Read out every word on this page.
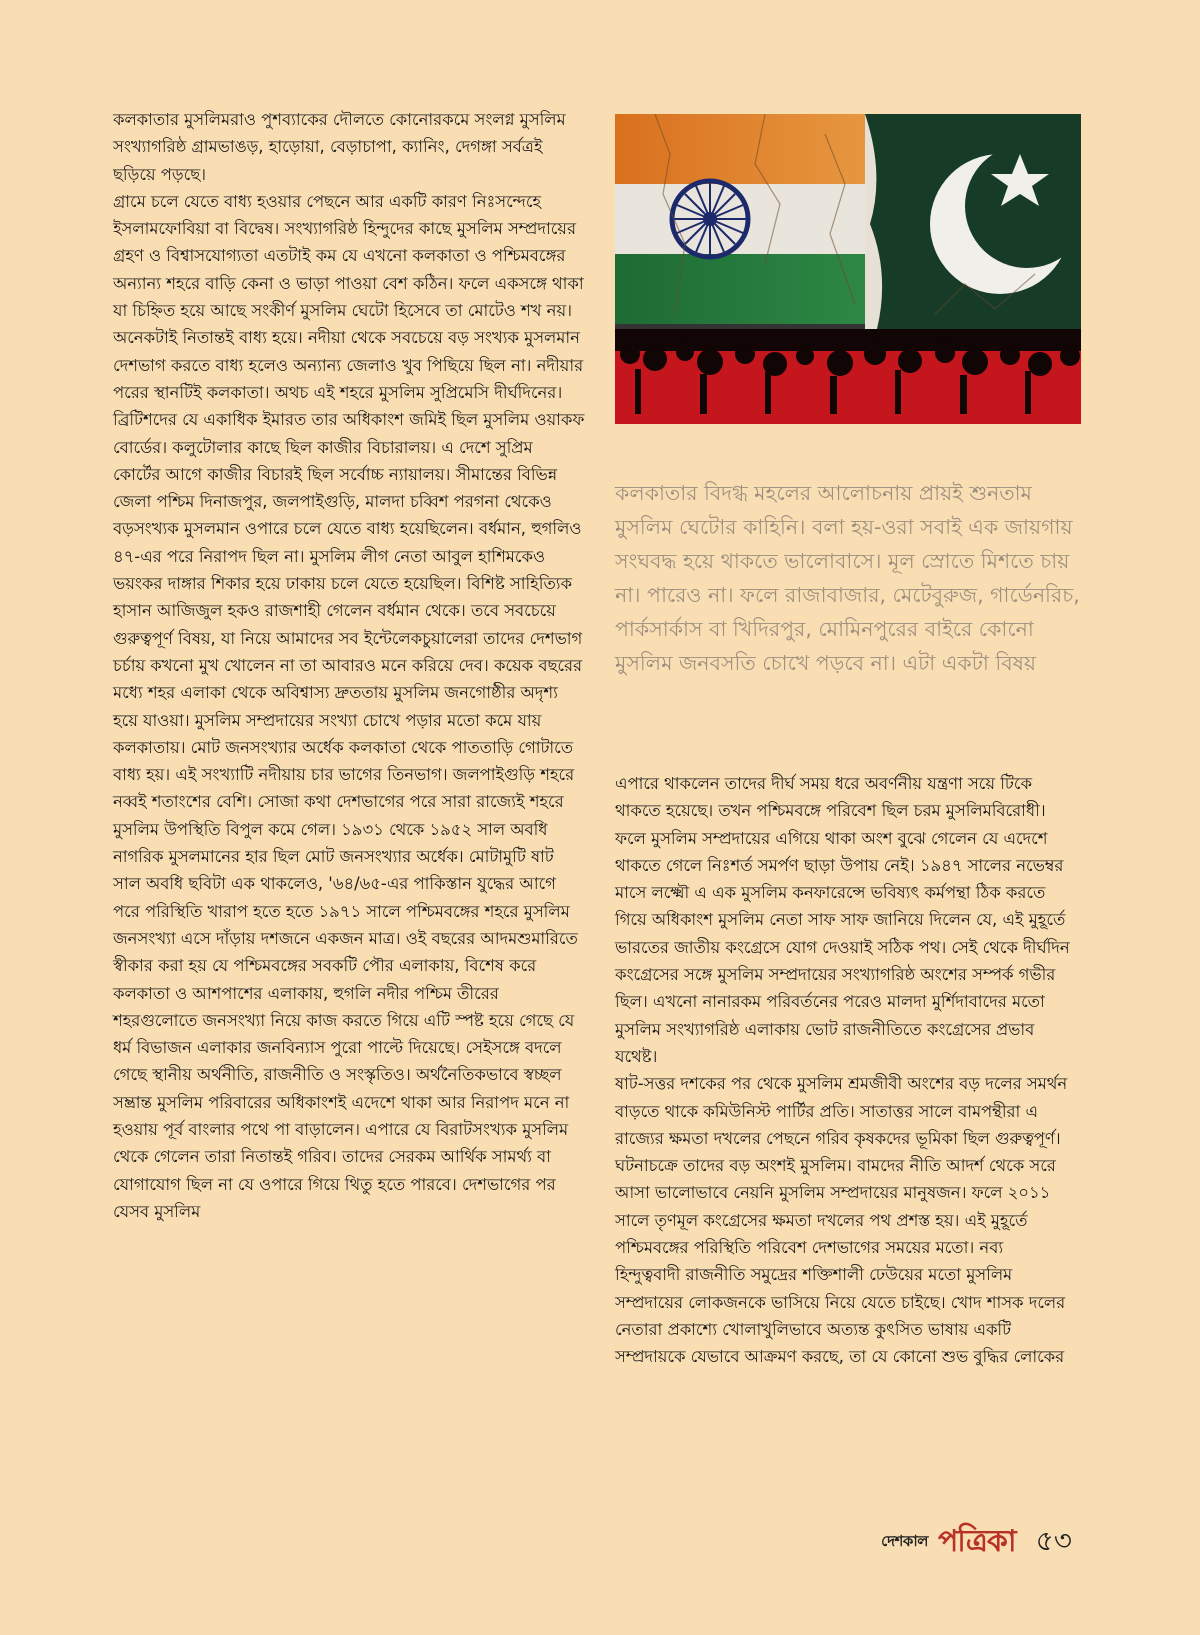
কলকাতার মুসলিমরাও পুশব্যাকের দৌলতে কোনোরকমে সংলগ্ন মুসলিম সংখ্যাগরিষ্ঠ গ্রামভাঙড়, হাড়োয়া, বেড়াচাপা, ক্যানিং, দেগঙ্গা সর্বত্রই ছড়িয়ে পড়ছে।

গ্রামে চলে যেতে বাধ্য হওয়ার পেছনে আর একটি কারণ নিঃসন্দেহে ইসলামফোবিয়া বা বিদ্বেষ। সংখ্যাগরিষ্ঠ হিন্দুদের কাছে মুসলিম সম্প্রদায়ের গ্রহণ ও বিশ্বাসযোগ্যতা এতটাই কম যে এখনো কলকাতা ও পশ্চিমবঙ্গের অন্যান্য শহরে বাড়ি কেনা ও ভাড়া পাওয়া বেশ কঠিন। ফলে একসঙ্গে থাকা যা চিহ্নিত হয়ে আছে সংকীর্ণ মুসলিম ঘেটো হিসেবে তা মোটেও শখ নয়। অনেকটাই নিতান্তই বাধ্য হয়ে। নদীয়া থেকে সবচেয়ে বড় সংখ্যক মুসলমান দেশভাগ করতে বাধ্য হলেও অন্যান্য জেলাও খুব পিছিয়ে ছিল না। নদীয়ার পরের স্থানটিই কলকাতা। অথচ এই শহরে মুসলিম সুপ্রিমেসি দীর্ঘদিনের। ব্রিটিশদের যে একাধিক ইমারত তার অধিকাংশ জমিই ছিল মুসলিম ওয়াকফ বোর্ডের। কলুটোলার কাছে ছিল কাজীর বিচারালয়। এ দেশে সুপ্রিম কোর্টের আগে কাজীর বিচারই ছিল সর্বোচ্চ ন্যায়ালয়। সীমান্তের বিভিন্ন জেলা পশ্চিম দিনাজপুর, জলপাইগুড়ি, মালদা চব্বিশ পরগনা থেকেও বড়সংখ্যক মুসলমান ওপারে চলে যেতে বাধ্য হয়েছিলেন। বর্ধমান, হুগলিও ৪৭-এর পরে নিরাপদ ছিল না। মুসলিম লীগ নেতা আবুল হাশিমকেও ভয়ংকর দাঙ্গার শিকার হয়ে ঢাকায় চলে যেতে হয়েছিল। বিশিষ্ট সাহিত্যিক হাসান আজিজুল হকও রাজশাহী গেলেন বর্ধমান থেকে। তবে সবচেয়ে গুরুত্বপূর্ণ বিষয়, যা নিয়ে আমাদের সব ইন্টেলেকচুয়ালেরা তাদের দেশভাগ চর্চায় কখনো মুখ খোলেন না তা আবারও মনে করিয়ে দেব। কয়েক বছরের মধ্যে শহর এলাকা থেকে অবিশ্বাস্য দ্রুততায় মুসলিম জনগোষ্ঠীর অদৃশ্য হয়ে যাওয়া। মুসলিম সম্প্রদায়ের সংখ্যা চোখে পড়ার মতো কমে যায় কলকাতায়। মোট জনসংখ্যার অর্ধেক কলকাতা থেকে পাততাড়ি গোটাতে বাধ্য হয়। এই সংখ্যাটি নদীয়ায় চার ভাগের তিনভাগ। জলপাইগুড়ি শহরে নব্বই শতাংশের বেশি। সোজা কথা দেশভাগের পরে সারা রাজ্যেই শহরে মুসলিম উপস্থিতি বিপুল কমে গেল। ১৯৩১ থেকে ১৯৫২ সাল অবধি নাগরিক মুসলমানের হার ছিল মোট জনসংখ্যার অর্ধেক। মোটামুটি ষাট সাল অবধি ছবিটা এক থাকলেও, '৬৪/৬৫-এর পাকিস্তান যুদ্ধের আগে পরে পরিস্থিতি খারাপ হতে হতে ১৯৭১ সালে পশ্চিমবঙ্গের শহরে মুসলিম জনসংখ্যা এসে দাঁড়ায় দশজনে একজন মাত্র। ওই বছরের আদমশুমারিতে স্বীকার করা হয় যে পশ্চিমবঙ্গের সবকটি পৌর এলাকায়, বিশেষ করে কলকাতা ও আশপাশের এলাকায়, হুগলি নদীর পশ্চিম তীরের শহরগুলোতে জনসংখ্যা নিয়ে কাজ করতে গিয়ে এটি স্পষ্ট হয়ে গেছে যে ধর্ম বিভাজন এলাকার জনবিন্যাস পুরো পাল্টে দিয়েছে। সেইসঙ্গে বদলে গেছে স্থানীয় অর্থনীতি, রাজনীতি ও সংস্কৃতিও। অর্থনৈতিকভাবে স্বচ্ছল সম্ভ্রান্ত মুসলিম পরিবারের অধিকাংশই এদেশে থাকা আর নিরাপদ মনে না হওয়ায় পূর্ব বাংলার পথে পা বাড়ালেন। এপারে যে বিরাটসংখ্যক মুসলিম থেকে গেলেন তারা নিতান্তই গরিব। তাদের সেরকম আর্থিক সামর্থ্য বা যোগাযোগ ছিল না যে ওপারে গিয়ে থিতু হতে পারবে। দেশভাগের পর যেসব মুসলিম

কলকাতার বিদগ্ধ মহলের আলোচনায় প্রায়ই শুনতাম মুসলিম ঘেটোর কাহিনি। বলা হয়-ওরা সবাই এক জায়গায় সংঘবদ্ধ হয়ে থাকতে ভালোবাসে। মূল স্রোতে মিশতে চায় না। পারেও না। ফলে রাজাবাজার, মেটেবুরুজ, গার্ডেনরিচ, পার্কসার্কাস বা খিদিরপুর, মোমিনপুরের বাইরে কোনো মুসলিম জনবসতি চোখে পড়বে না। এটা একটা বিষয়

এপারে থাকলেন তাদের দীর্ঘ সময় ধরে অবর্ণনীয় যন্ত্রণা সয়ে টিকে থাকতে হয়েছে। তখন পশ্চিমবঙ্গে পরিবেশ ছিল চরম মুসলিমবিরোধী। ফলে মুসলিম সম্প্রদায়ের এগিয়ে থাকা অংশ বুঝে গেলেন যে এদেশে থাকতে গেলে নিঃশর্ত সমর্পণ ছাড়া উপায় নেই। ১৯৪৭ সালের নভেম্বর মাসে লক্ষ্মৌ এ এক মুসলিম কনফারেন্সে ভবিষ্যৎ কর্মপন্থা ঠিক করতে গিয়ে অধিকাংশ মুসলিম নেতা সাফ সাফ জানিয়ে দিলেন যে, এই মুহূর্তে ভারতের জাতীয় কংগ্রেসে যোগ দেওয়াই সঠিক পথ। সেই থেকে দীর্ঘদিন কংগ্রেসের সঙ্গে মুসলিম সম্প্রদায়ের সংখ্যাগরিষ্ঠ অংশের সম্পর্ক গভীর ছিল। এখনো নানারকম পরিবর্তনের পরেও মালদা মুর্শিদাবাদের মতো মুসলিম সংখ্যাগরিষ্ঠ এলাকায় ভোট রাজনীতিতে কংগ্রেসের প্রভাব যথেষ্ট।

ষাট-সত্তর দশকের পর থেকে মুসলিম শ্রমজীবী অংশের বড় দলের সমর্থন বাড়তে থাকে কমিউনিস্ট পার্টির প্রতি। সাতাত্তর সালে বামপন্থীরা এ রাজ্যের ক্ষমতা দখলের পেছনে গরিব কৃষকদের ভূমিকা ছিল গুরুত্বপূর্ণ। ঘটনাচক্রে তাদের বড় অংশই মুসলিম। বামদের নীতি আদর্শ থেকে সরে আসা ভালোভাবে নেয়নি মুসলিম সম্প্রদায়ের মানুষজন। ফলে ২০১১ সালে তৃণমূল কংগ্রেসের ক্ষমতা দখলের পথ প্রশস্ত হয়। এই মুহূর্তে পশ্চিমবঙ্গের পরিস্থিতি পরিবেশ দেশভাগের সময়ের মতো। নব্য হিন্দুত্ববাদী রাজনীতি সমুদ্রের শক্তিশালী ঢেউয়ের মতো মুসলিম সম্প্রদায়ের লোকজনকে ভাসিয়ে নিয়ে যেতে চাইছে। খোদ শাসক দলের নেতারা প্রকাশ্যে খোলাখুলিভাবে অত্যন্ত কুৎসিত ভাষায় একটি সম্প্রদায়কে যেভাবে আক্রমণ করছে, তা যে কোনো শুভ বুদ্ধির লোকের

দেশকাল পত্রিকা ৫৩
